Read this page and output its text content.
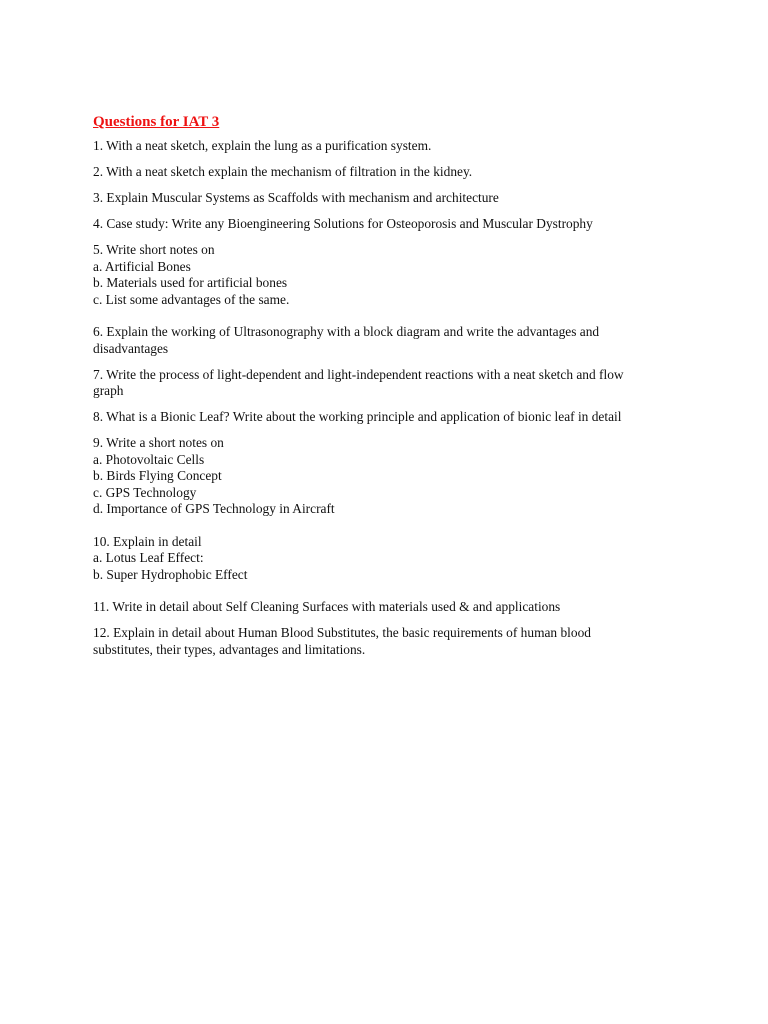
Questions for IAT 3
1. With a neat sketch, explain the lung as a purification system.
2. With a neat sketch explain the mechanism of filtration in the kidney.
3. Explain Muscular Systems as Scaffolds with mechanism and architecture
4. Case study: Write any Bioengineering Solutions for Osteoporosis and Muscular Dystrophy
5. Write short notes on
a. Artificial Bones
b. Materials used for artificial bones
c. List some advantages of the same.
6. Explain the working of Ultrasonography with a block diagram and write the advantages and
disadvantages
7. Write the process of light-dependent and light-independent reactions with a neat sketch and flow
graph
8. What is a Bionic Leaf? Write about the working principle and application of bionic leaf in detail
9. Write a short notes on
a. Photovoltaic Cells
b. Birds Flying Concept
c. GPS Technology
d. Importance of GPS Technology in Aircraft
10. Explain in detail
a. Lotus Leaf Effect:
b. Super Hydrophobic Effect
11. Write in detail about Self Cleaning Surfaces with materials used & and applications
12. Explain in detail about Human Blood Substitutes, the basic requirements of human blood
substitutes, their types, advantages and limitations.
